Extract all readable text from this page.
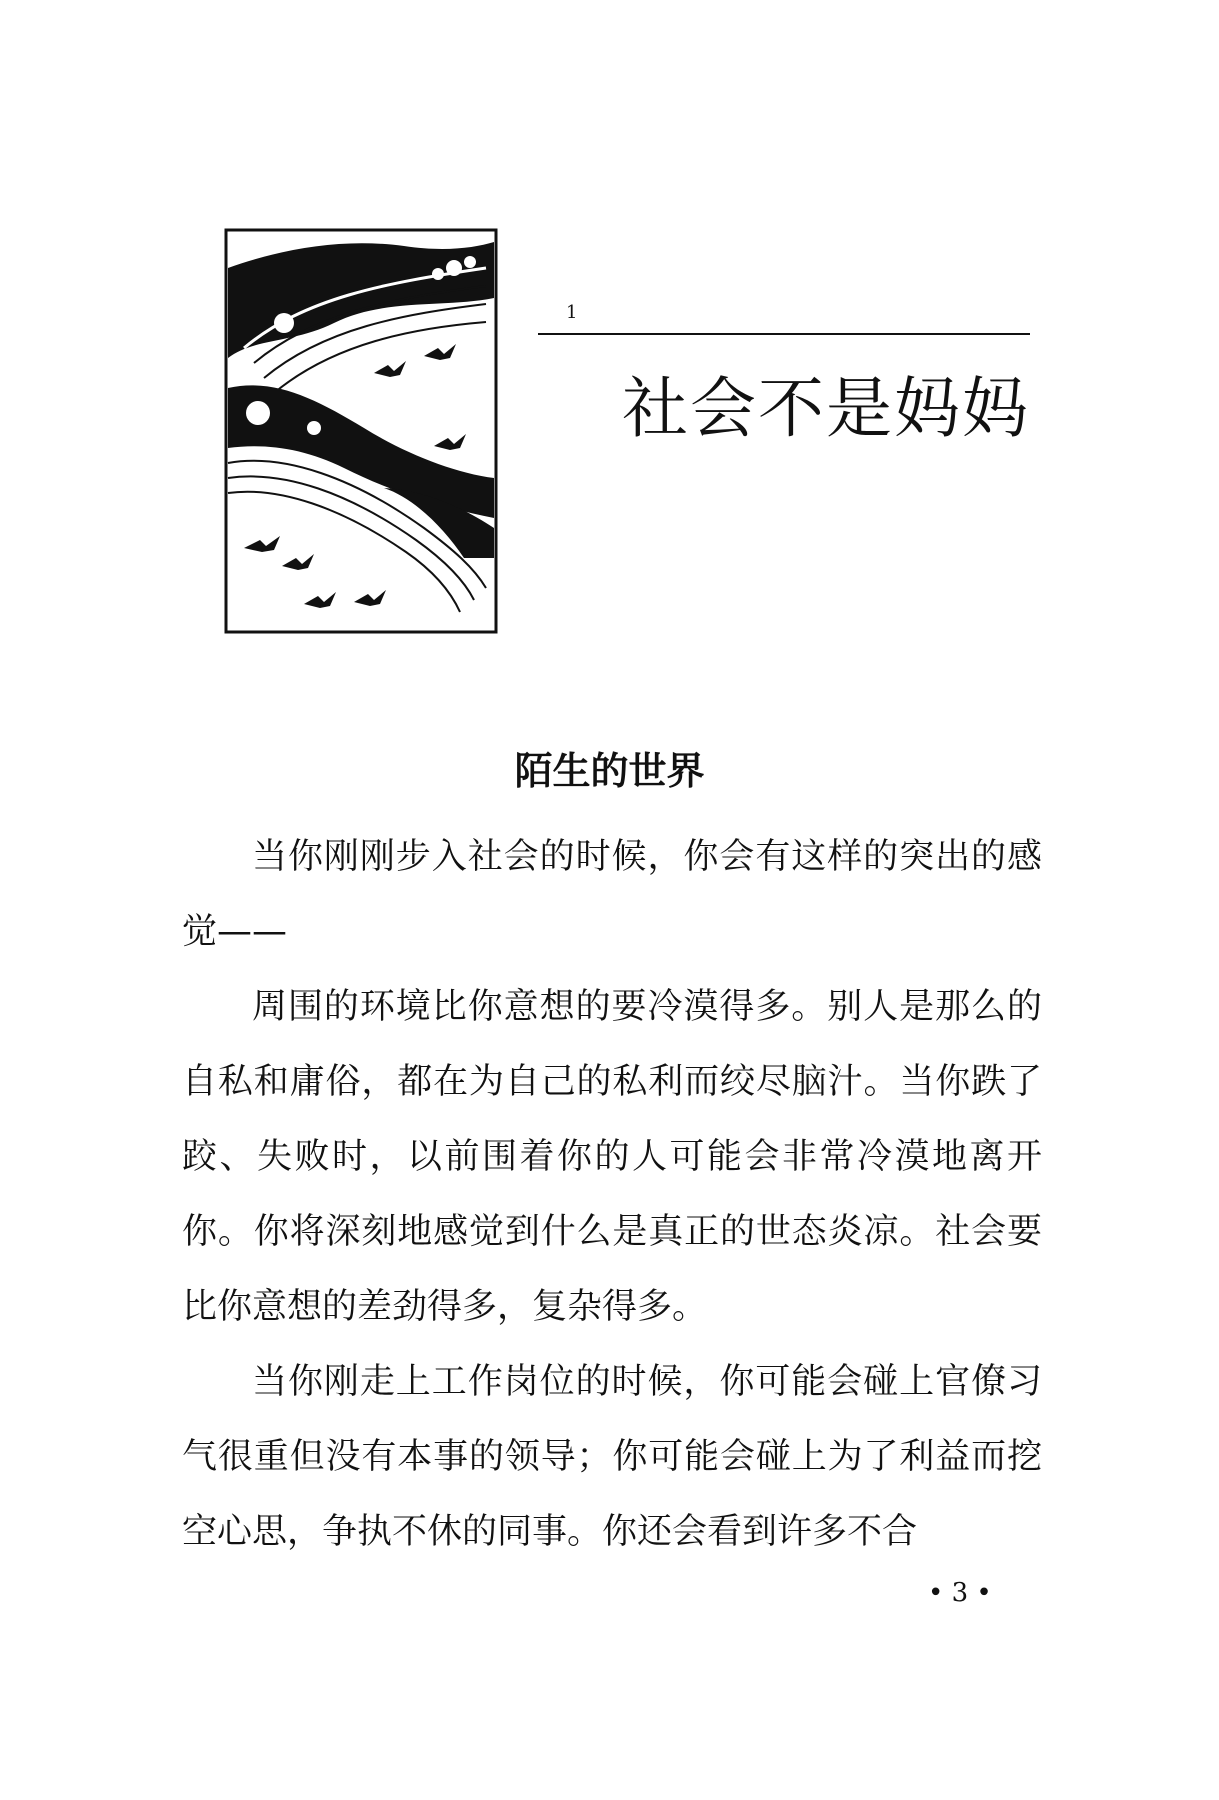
1
社会不是妈妈
陌生的世界

当你刚刚步入社会的时候，你会有这样的突出的感觉——

周围的环境比你意想的要冷漠得多。别人是那么的自私和庸俗，都在为自己的私利而绞尽脑汁。当你跌了跤、失败时，以前围着你的人可能会非常冷漠地离开你。你将深刻地感觉到什么是真正的世态炎凉。社会要比你意想的差劲得多，复杂得多。

当你刚走上工作岗位的时候，你可能会碰上官僚习气很重但没有本事的领导；你可能会碰上为了利益而挖空心思，争执不休的同事。你还会看到许多不合

• 3 •
